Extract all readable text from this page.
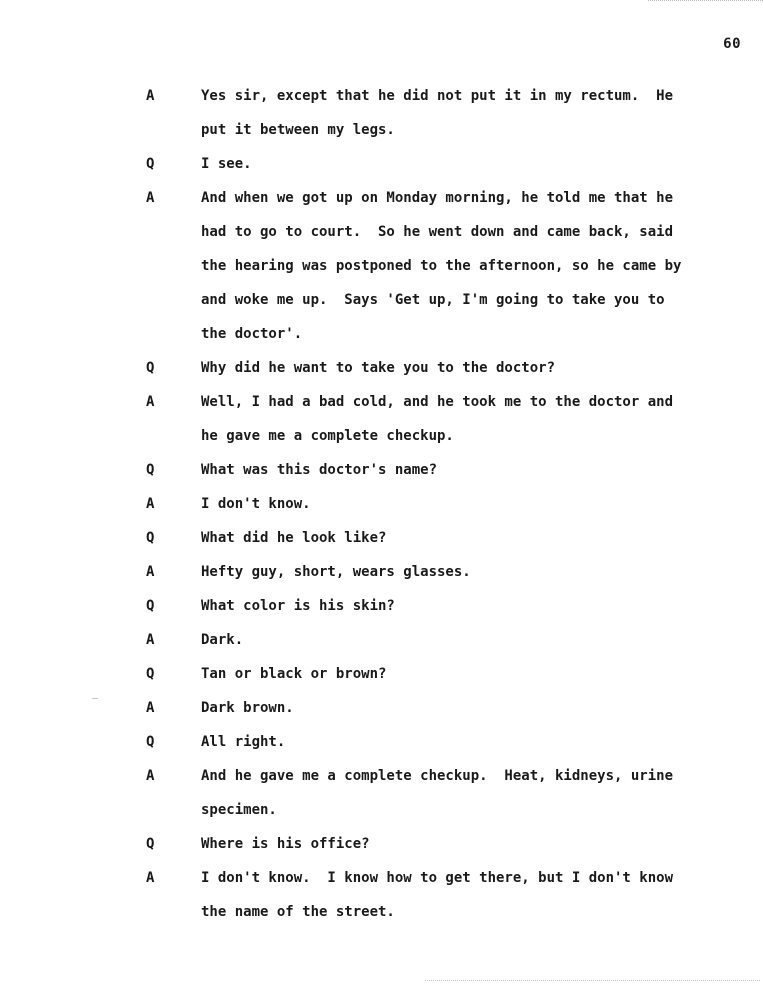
60

A

	Yes sir, except that he did not put it in my rectum.  He

put it between my legs.

Q

	I see.

A

	And when we got up on Monday morning, he told me that he

had to go to court.  So he went down and came back, said

the hearing was postponed to the afternoon, so he came by

and woke me up.  Says 'Get up, I'm going to take you to

the doctor'.

Q

	Why did he want to take you to the doctor?

A

	Well, I had a bad cold, and he took me to the doctor and

he gave me a complete checkup.

Q

	What was this doctor's name?

A

	I don't know.

Q

	What did he look like?

A

	Hefty guy, short, wears glasses.

Q

	What color is his skin?

A

	Dark.

Q

	Tan or black or brown?

A

	Dark brown.

Q

	All right.

A

	And he gave me a complete checkup.  Heat, kidneys, urine

specimen.

Q

	Where is his office?

A

	I don't know.  I know how to get there, but I don't know

the name of the street.
